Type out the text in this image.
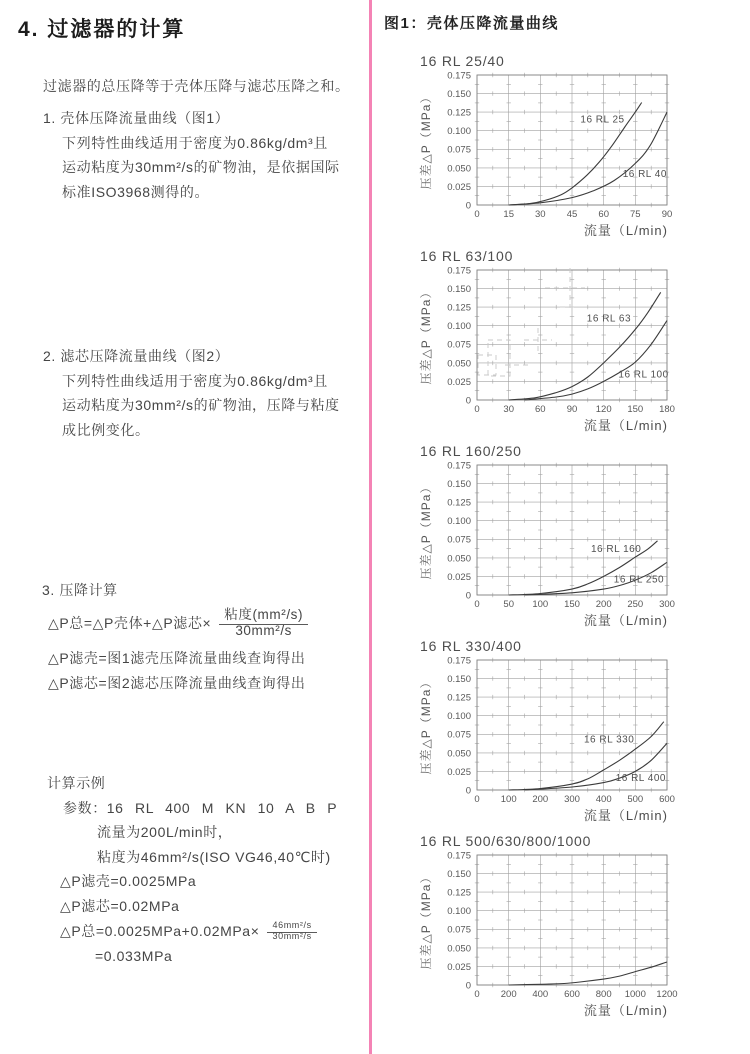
4. 过滤器的计算
过滤器的总压降等于壳体压降与滤芯压降之和。
1. 壳体压降流量曲线（图1）
下列特性曲线适用于密度为0.86kg/dm³且
运动粘度为30mm²/s的矿物油，是依据国际
标准ISO3968测得的。
2. 滤芯压降流量曲线（图2）
下列特性曲线适用于密度为0.86kg/dm³且
运动粘度为30mm²/s的矿物油，压降与粘度
成比例变化。
3. 压降计算
△P总=△P壳体+△P滤芯× $\frac{\text{粘度(mm²/s)}}{\text{30mm²/s}}$
△P滤壳=图1滤壳压降流量曲线查询得出
△P滤芯=图2滤芯压降流量曲线查询得出
计算示例
参数：16 RL 400 M KN 10 A B P
流量为200L/min时，
粘度为46mm²/s(ISO VG46,40℃时)
△P滤壳=0.0025MPa
△P滤芯=0.02MPa
△P总=0.0025MPa+0.02MPa×	46mm²/s
30mm²/s
=0.033MPa
图1：壳体压降流量曲线
16 RL 25/40
0
0.025
0.050
0.075
0.100
0.125
0.150
0.175
0	15 30 45 60 75 90
压差△P（MPa）
流量（L/min)
16 RL 25
16 RL 40
16 RL 63/100
0
0.025
0.050
0.075
0.100
0.125
0.150
0.175
0	30 60 90 120 150 180
压差△P（MPa）
流量（L/min)
16 RL 63
16 RL 100
16 RL 160/250
0
0.025
0.050
0.075
0.100
0.125
0.150
0.175
0	50 100 150 200 250 300
压差△P（MPa）
流量（L/min)
16 RL 160
16 RL 250
16 RL 330/400
0
0.025
0.050
0.075
0.100
0.125
0.150
0.175
0 100 200 300 400 500 600
压差△P（MPa）
流量（L/min)
16 RL 330
16 RL 400
16 RL 500/630/800/1000
0
0.025
0.050
0.075
0.100
0.125
0.150
0.175
0 200 400 600 800 1000 1200
压差△P（MPa）
流量（L/min)
